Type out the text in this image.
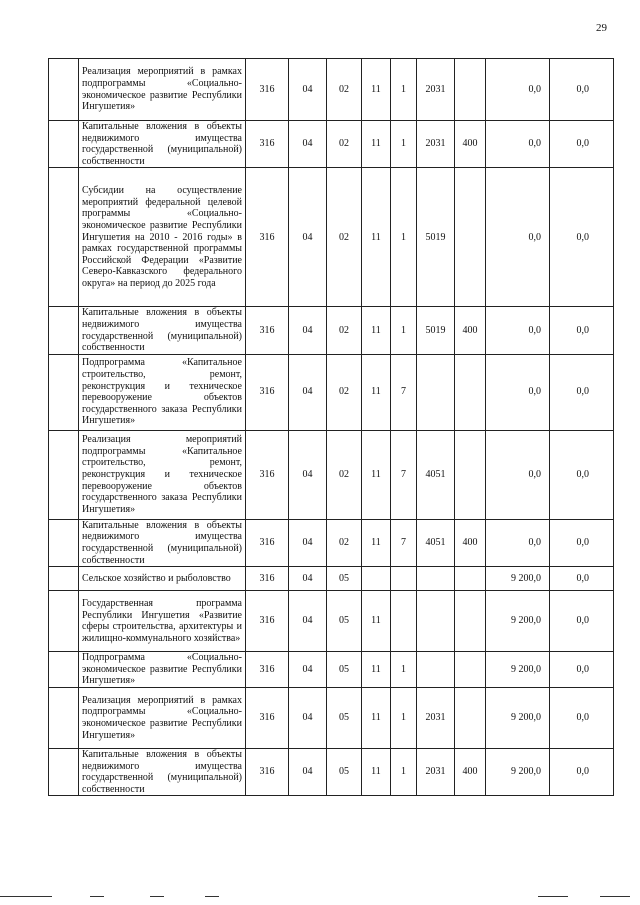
29
	Реализация мероприятий в рамках подпрограммы «Социально-экономическое развитие Республики Ингушетия»	316	04	02	11	1	2031		0,0	0,0
	Капитальные вложения в объекты недвижимого имущества государственной (муниципальной) собственности	316	04	02	11	1	2031	400	0,0	0,0
	Субсидии на осуществление мероприятий федеральной целевой программы «Социально-экономическое развитие Республики Ингушетия на 2010 - 2016 годы» в рамках государственной программы Российской Федерации «Развитие Северо-Кавказского федерального округа» на период до 2025 года	316	04	02	11	1	5019		0,0	0,0
	Капитальные вложения в объекты недвижимого имущества государственной (муниципальной) собственности	316	04	02	11	1	5019	400	0,0	0,0
	Подпрограмма «Капитальное строительство, ремонт, реконструкция и техническое перевооружение объектов государственного заказа Республики Ингушетия»	316	04	02	11	7			0,0	0,0
	Реализация мероприятий подпрограммы «Капитальное строительство, ремонт, реконструкция и техническое перевооружение объектов государственного заказа Республики Ингушетия»	316	04	02	11	7	4051		0,0	0,0
	Капитальные вложения в объекты недвижимого имущества государственной (муниципальной) собственности	316	04	02	11	7	4051	400	0,0	0,0
	Сельское хозяйство и рыболовство	316	04	05					9 200,0	0,0
	Государственная программа Республики Ингушетия «Развитие сферы строительства, архитектуры и жилищно-коммунального хозяйства»	316	04	05	11				9 200,0	0,0
	Подпрограмма «Социально-экономическое развитие Республики Ингушетия»	316	04	05	11	1			9 200,0	0,0
	Реализация мероприятий в рамках подпрограммы «Социально-экономическое развитие Республики Ингушетия»	316	04	05	11	1	2031		9 200,0	0,0
	Капитальные вложения в объекты недвижимого имущества государственной (муниципальной) собственности	316	04	05	11	1	2031	400	9 200,0	0,0
